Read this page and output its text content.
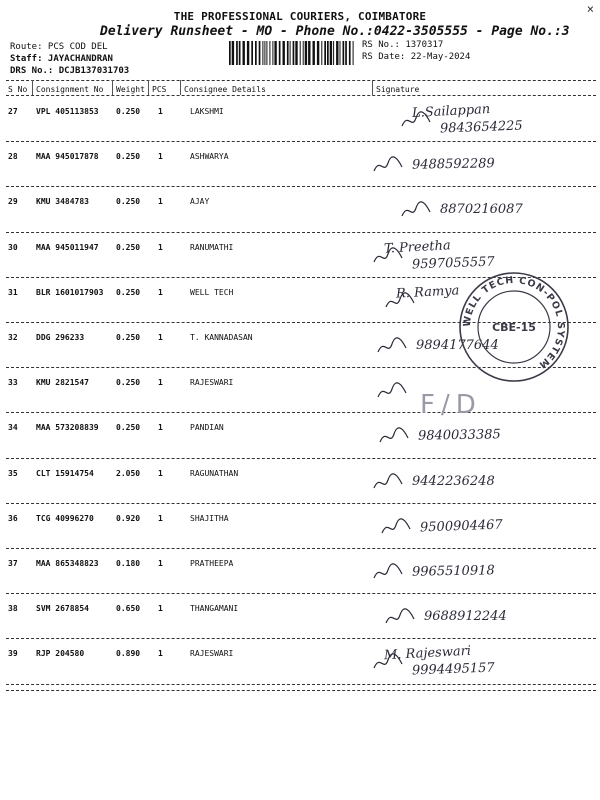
×
THE PROFESSIONAL COURIERS, COIMBATORE
Delivery Runsheet - MO - Phone No.:0422-3505555 - Page No.:3
Route: PCS COD DEL
Staff: JAYACHANDRAN
DRS No.: DCJB137031703
RS No.: 1370317
RS Date: 22-May-2024
S No Consignment No Weight PCS Consignee Details	Signature
27 VPL 405113853 0.250 1	LAKSHMI	L.Sailappan
9843654225
28 MAA 945017878 0.250 1	ASHWARYA	9488592289
29 KMU 3484783	0.250 1	AJAY
8870216087
30 MAA 945011947 0.250 1	RANUMATHI	T. Preetha
9597055557
31 BLR 1601017903 0.250 1	WELL TECH	R. Ramya
32 DDG 296233	0.250 1	T. KANNADASAN
9894177644
33 KMU 2821547	0.250 1	RAJESWARI
34 MAA 573208839 0.250 1	PANDIAN	9840033385
35 CLT 15914754	2.050 1	RAGUNATHAN
9442236248
36 TCG 40996270	0.920 1	SHAJITHA	9500904467
37 MAA 865348823 0.180 1	PRATHEEPA	9965510918
38 SVM 2678854	0.650 1	THANGAMANI
9688912244
39 RJP 204580	0.890 1	RAJESWARI	M. Rajeswari
9994495157
F/D
WELL TECH CON-POL SYSTEM
CBE-15
